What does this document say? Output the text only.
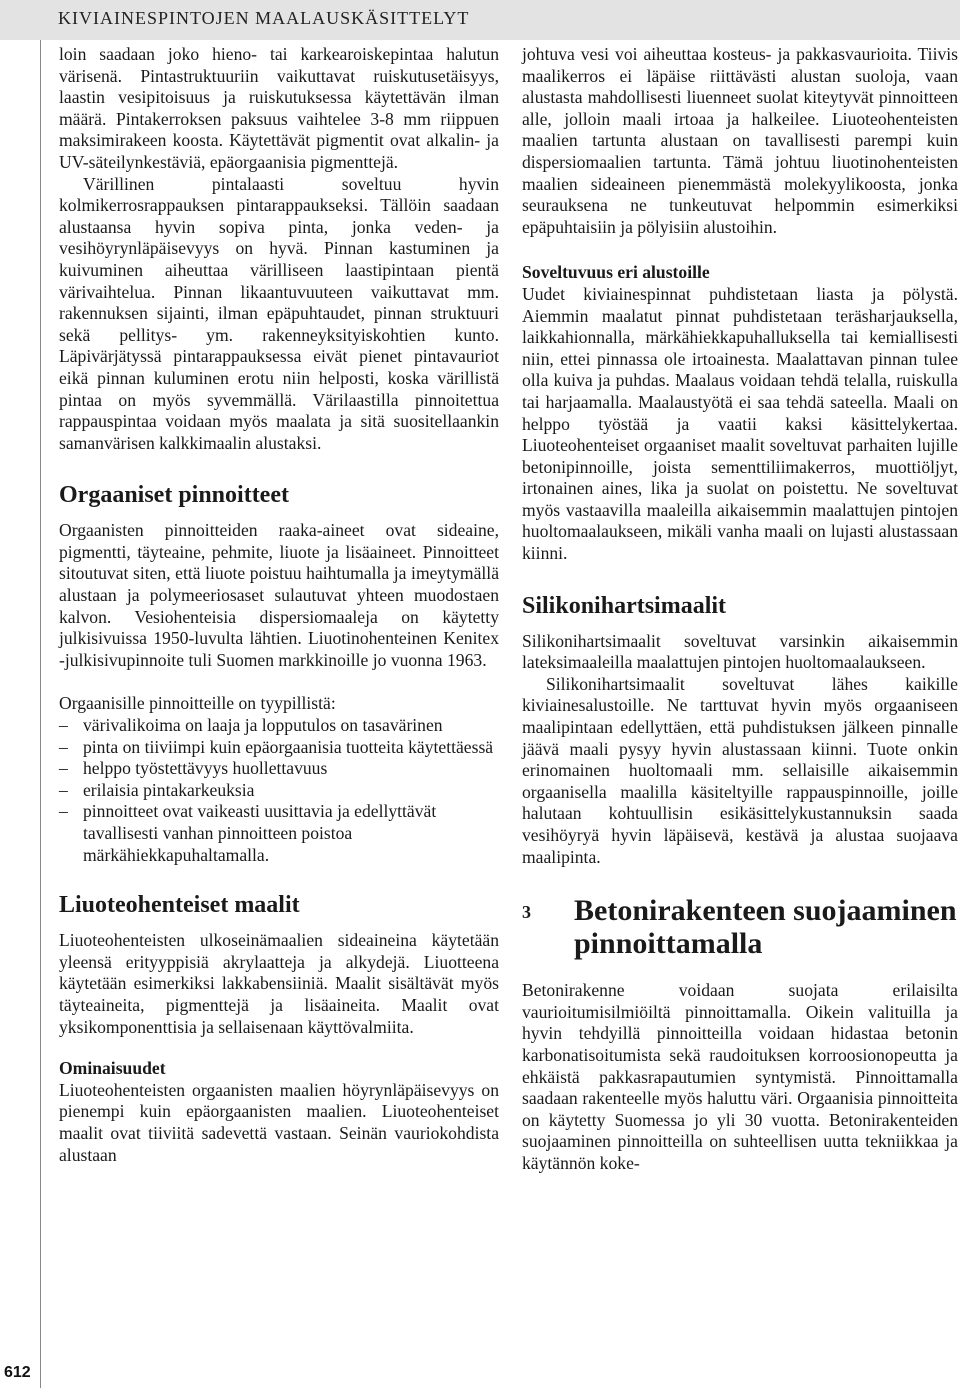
KIVIAINESPINTOJEN MAALAUSKÄSITTELYT
612

loin saadaan joko hieno- tai karkearoiskepintaa halutun värisenä. Pintastruktuuriin vaikuttavat ruiskutusetäisyys, laastin vesipitoisuus ja ruiskutuksessa käytettävän ilman määrä. Pintakerroksen paksuus vaihtelee 3-8 mm riippuen maksimirakeen koosta. Käytettävät pigmentit ovat alkalin- ja UV-säteilynkestäviä, epäorgaanisia pigmenttejä.

Värillinen pintalaasti soveltuu hyvin kolmikerrosrappauksen pintarappaukseksi. Tällöin saadaan alustaansa hyvin sopiva pinta, jonka veden- ja vesihöyrynläpäisevyys on hyvä. Pinnan kastuminen ja kuivuminen aiheuttaa värilliseen laastipintaan pientä värivaihtelua. Pinnan likaantuvuuteen vaikuttavat mm. rakennuksen sijainti, ilman epäpuhtaudet, pinnan struktuuri sekä pellitys- ym. rakenneyksityiskohtien kunto. Läpivärjätyssä pintarappauksessa eivät pienet pintavauriot eikä pinnan kuluminen erotu niin helposti, koska värillistä pintaa on myös syvemmällä. Värilaastilla pinnoitettua rappauspintaa voidaan myös maalata ja sitä suositellaankin samanvärisen kalkkimaalin alustaksi.

Orgaaniset pinnoitteet

Orgaanisten pinnoitteiden raaka-aineet ovat sideaine, pigmentti, täyteaine, pehmite, liuote ja lisäaineet. Pinnoitteet sitoutuvat siten, että liuote poistuu haihtumalla ja imeytymällä alustaan ja polymeeriosaset sulautuvat yhteen muodostaen kalvon. Vesiohenteisia dispersiomaaleja on käytetty julkisivuissa 1950-luvulta lähtien. Liuotinohenteinen Kenitex -julkisivupinnoite tuli Suomen markkinoille jo vuonna 1963.

Orgaanisille pinnoitteille on tyypillistä:

– värivalikoima on laaja ja lopputulos on tasavärinen
– pinta on tiiviimpi kuin epäorgaanisia tuotteita käytettäessä
– helppo työstettävyys huollettavuus
– erilaisia pintakarkeuksia
– pinnoitteet ovat vaikeasti uusittavia ja edellyttävät tavallisesti vanhan pinnoitteen poistoa märkähiekkapuhaltamalla.
Liuoteohenteiset maalit

Liuoteohenteisten ulkoseinämaalien sideaineina käytetään yleensä erityyppisiä akrylaatteja ja alkydejä. Liuotteena käytetään esimerkiksi lakkabensiiniä. Maalit sisältävät myös täyteaineita, pigmenttejä ja lisäaineita. Maalit ovat yksikomponenttisia ja sellaisenaan käyttövalmiita.

Ominaisuudet

Liuoteohenteisten orgaanisten maalien höyrynläpäisevyys on pienempi kuin epäorgaanisten maalien. Liuoteohenteiset maalit ovat tiiviitä sadevettä vastaan. Seinän vauriokohdista alustaan

johtuva vesi voi aiheuttaa kosteus- ja pakkasvaurioita. Tiivis maalikerros ei läpäise riittävästi alustan suoloja, vaan alustasta mahdollisesti liuenneet suolat kiteytyvät pinnoitteen alle, jolloin maali irtoaa ja halkeilee. Liuoteohenteisten maalien tartunta alustaan on tavallisesti parempi kuin dispersiomaalien tartunta. Tämä johtuu liuotinohenteisten maalien sideaineen pienemmästä molekyylikoosta, jonka seurauksena ne tunkeutuvat helpommin esimerkiksi epäpuhtaisiin ja pölyisiin alustoihin.

Soveltuvuus eri alustoille

Uudet kiviainespinnat puhdistetaan liasta ja pölystä. Aiemmin maalatut pinnat puhdistetaan teräsharjauksella, laikkahionnalla, märkähiekkapuhalluksella tai kemiallisesti niin, ettei pinnassa ole irtoainesta. Maalattavan pinnan tulee olla kuiva ja puhdas. Maalaus voidaan tehdä telalla, ruiskulla tai harjaamalla. Maalaustyötä ei saa tehdä sateella. Maali on helppo työstää ja vaatii kaksi käsittelykertaa. Liuoteohenteiset orgaaniset maalit soveltuvat parhaiten lujille betonipinnoille, joista sementtiliimakerros, muottiöljyt, irtonainen aines, lika ja suolat on poistettu. Ne soveltuvat myös vastaavilla maaleilla aikaisemmin maalattujen pintojen huoltomaalaukseen, mikäli vanha maali on lujasti alustassaan kiinni.

Silikonihartsimaalit

Silikonihartsimaalit soveltuvat varsinkin aikaisemmin lateksimaaleilla maalattujen pintojen huoltomaalaukseen.

Silikonihartsimaalit soveltuvat lähes kaikille kiviainesalustoille. Ne tarttuvat hyvin myös orgaaniseen maalipintaan edellyttäen, että puhdistuksen jälkeen pinnalle jäävä maali pysyy hyvin alustassaan kiinni. Tuote onkin erinomainen huoltomaali mm. sellaisille aikaisemmin orgaanisella maalilla käsiteltyille rappauspinnoille, joille halutaan kohtuullisin esikäsittelykustannuksin saada vesihöyryä hyvin läpäisevä, kestävä ja alustaa suojaava maalipinta.

3 Betonirakenteen suojaaminen pinnoittamalla

Betonirakenne voidaan suojata erilaisilta vaurioitumisilmiöiltä pinnoittamalla. Oikein valituilla ja hyvin tehdyillä pinnoitteilla voidaan hidastaa betonin karbonatisoitumista sekä raudoituksen korroosionopeutta ja ehkäistä pakkasrapautumien syntymistä. Pinnoittamalla saadaan rakenteelle myös haluttu väri. Orgaanisia pinnoitteita on käytetty Suomessa jo yli 30 vuotta. Betonirakenteiden suojaaminen pinnoitteilla on suhteellisen uutta tekniikkaa ja käytännön koke-
